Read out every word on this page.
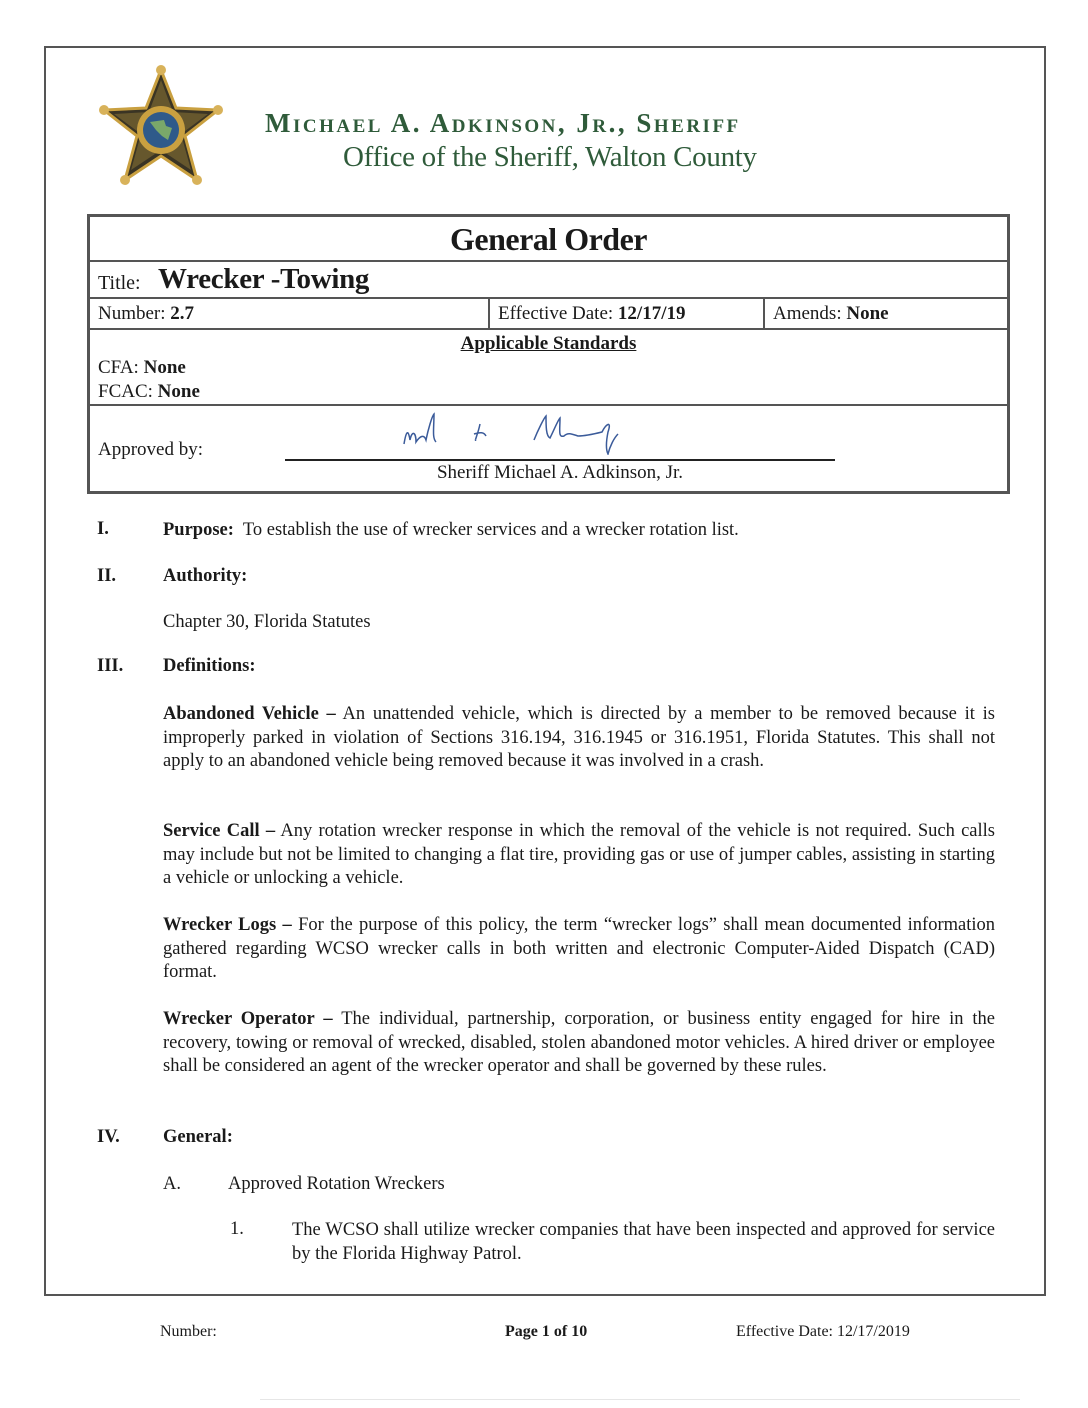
Michael A. Adkinson, Jr., Sheriff
Office of the Sheriff, Walton County
General Order
Title: Wrecker -Towing
Number: 2.7	Effective Date: 12/17/19	Amends: None
Applicable Standards
CFA: None
FCAC: None
Approved by:
Sheriff Michael A. Adkinson, Jr.
I.	Purpose: To establish the use of wrecker services and a wrecker rotation list.
II.	Authority:
Chapter 30, Florida Statutes
III. Definitions:
Abandoned Vehicle – An unattended vehicle, which is directed by a member to be removed because it is improperly parked in violation of Sections 316.194, 316.1945 or 316.1951, Florida Statutes. This shall not apply to an abandoned vehicle being removed because it was involved in a crash.
Service Call – Any rotation wrecker response in which the removal of the vehicle is not required. Such calls may include but not be limited to changing a flat tire, providing gas or use of jumper cables, assisting in starting a vehicle or unlocking a vehicle.
Wrecker Logs – For the purpose of this policy, the term “wrecker logs” shall mean documented information gathered regarding WCSO wrecker calls in both written and electronic Computer-Aided Dispatch (CAD) format.
Wrecker Operator – The individual, partnership, corporation, or business entity engaged for hire in the recovery, towing or removal of wrecked, disabled, stolen abandoned motor vehicles. A hired driver or employee shall be considered an agent of the wrecker operator and shall be governed by these rules.
IV. General:
A.	Approved Rotation Wreckers
1.	The WCSO shall utilize wrecker companies that have been inspected and approved for service by the Florida Highway Patrol.
Number:	Page 1 of 10	Effective Date: 12/17/2019
